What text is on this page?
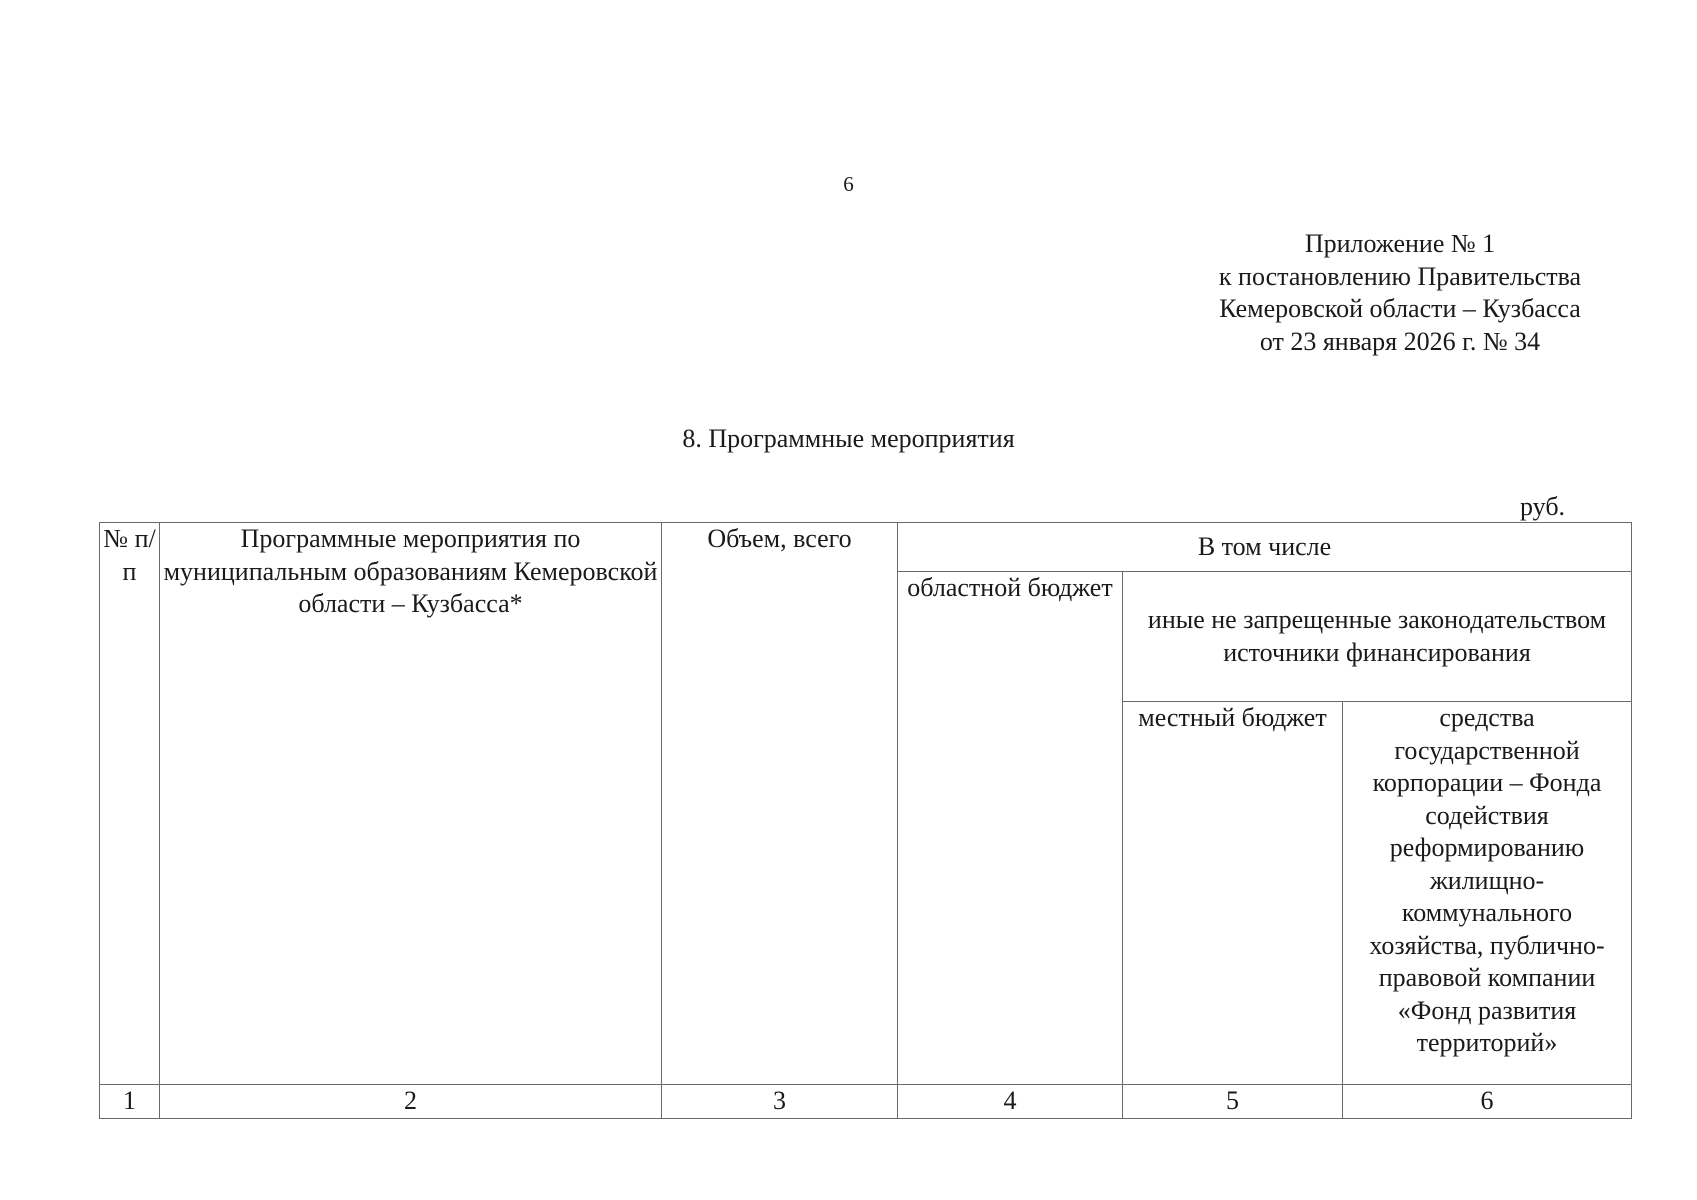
6
Приложение № 1
к постановлению Правительства
Кемеровской области – Кузбасса
от 23 января 2026 г. № 34
8. Программные мероприятия
руб.
№ п/п	Программные мероприятия по муниципальным образованиям Кемеровской области – Кузбасса*	Объем, всего	В том числе		

			областной бюджет	иные не запрещенные законодательством источники финансирования	

				местный бюджет	средства государственной корпорации – Фонда содействия реформированию жилищно-коммунального хозяйства, публично-правовой компании «Фонд развития территорий»

1	2	3	4	5	6
